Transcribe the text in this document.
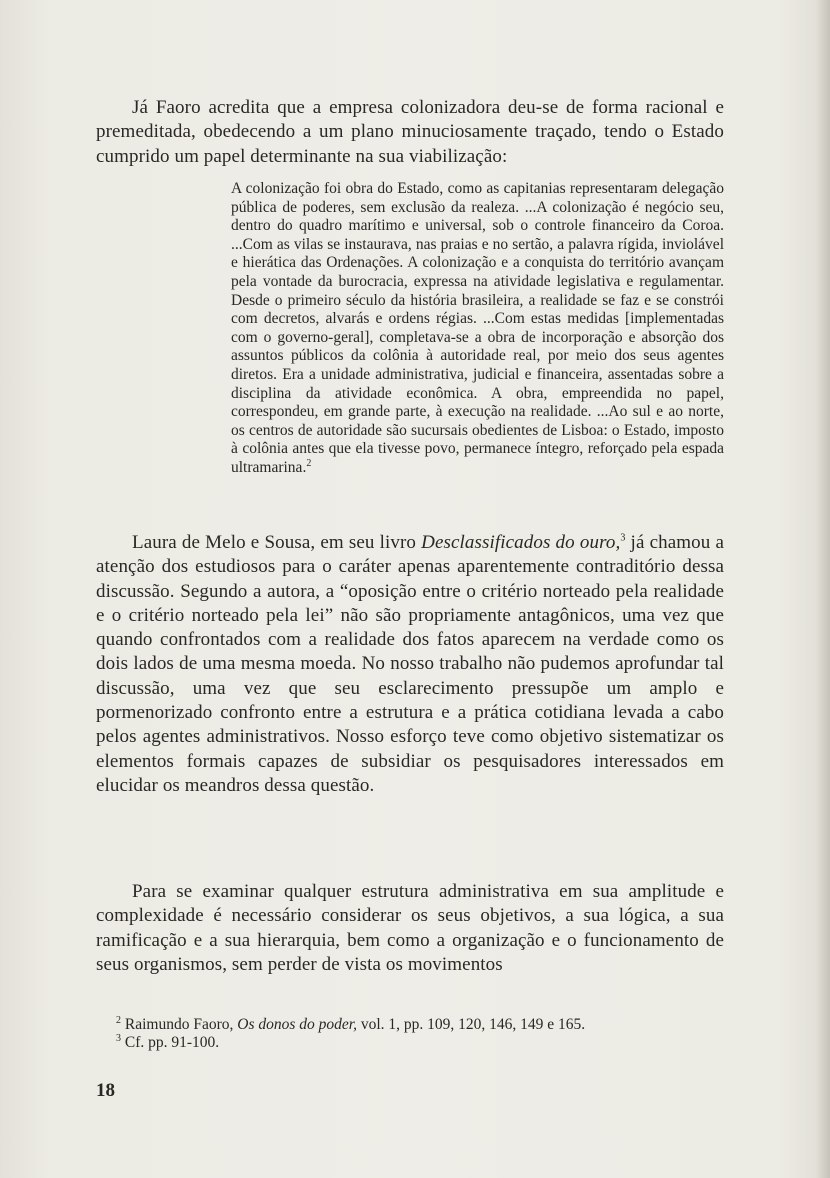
Já Faoro acredita que a empresa colonizadora deu-se de forma racional e premeditada, obedecendo a um plano minuciosamente traçado, tendo o Estado cumprido um papel determinante na sua viabilização:

A colonização foi obra do Estado, como as capitanias representaram delegação pública de poderes, sem exclusão da realeza. ...A colonização é negócio seu, dentro do quadro marítimo e universal, sob o controle financeiro da Coroa. ...Com as vilas se instaurava, nas praias e no sertão, a palavra rígida, inviolável e hierática das Ordenações. A colonização e a conquista do território avançam pela vontade da burocracia, expressa na atividade legislativa e regulamentar. Desde o primeiro século da história brasileira, a realidade se faz e se constrói com decretos, alvarás e ordens régias. ...Com estas medidas [implementadas com o governo-geral], completava-se a obra de incorporação e absorção dos assuntos públicos da colônia à autoridade real, por meio dos seus agentes diretos. Era a unidade administrativa, judicial e financeira, assentadas sobre a disciplina da atividade econômica. A obra, empreendida no papel, correspondeu, em grande parte, à execução na realidade. ...Ao sul e ao norte, os centros de autoridade são sucursais obedientes de Lisboa: o Estado, imposto à colônia antes que ela tivesse povo, permanece íntegro, reforçado pela espada ultramarina.$^2$

Laura de Melo e Sousa, em seu livro Desclassificados do ouro,$^3$ já chamou a atenção dos estudiosos para o caráter apenas aparentemente contraditório dessa discussão. Segundo a autora, a “oposição entre o critério norteado pela realidade e o critério norteado pela lei” não são propriamente antagônicos, uma vez que quando confrontados com a realidade dos fatos aparecem na verdade como os dois lados de uma mesma moeda. No nosso trabalho não pudemos aprofundar tal discussão, uma vez que seu esclarecimento pressupõe um amplo e pormenorizado confronto entre a estrutura e a prática cotidiana levada a cabo pelos agentes administrativos. Nosso esforço teve como objetivo sistematizar os elementos formais capazes de subsidiar os pesquisadores interessados em elucidar os meandros dessa questão.

Para se examinar qualquer estrutura administrativa em sua amplitude e complexidade é necessário considerar os seus objetivos, a sua lógica, a sua ramificação e a sua hierarquia, bem como a organização e o funcionamento de seus organismos, sem perder de vista os movimentos

$^2$ Raimundo Faoro, Os donos do poder, vol. 1, pp. 109, 120, 146, 149 e 165.
$^3$ Cf. pp. 91-100.
18
